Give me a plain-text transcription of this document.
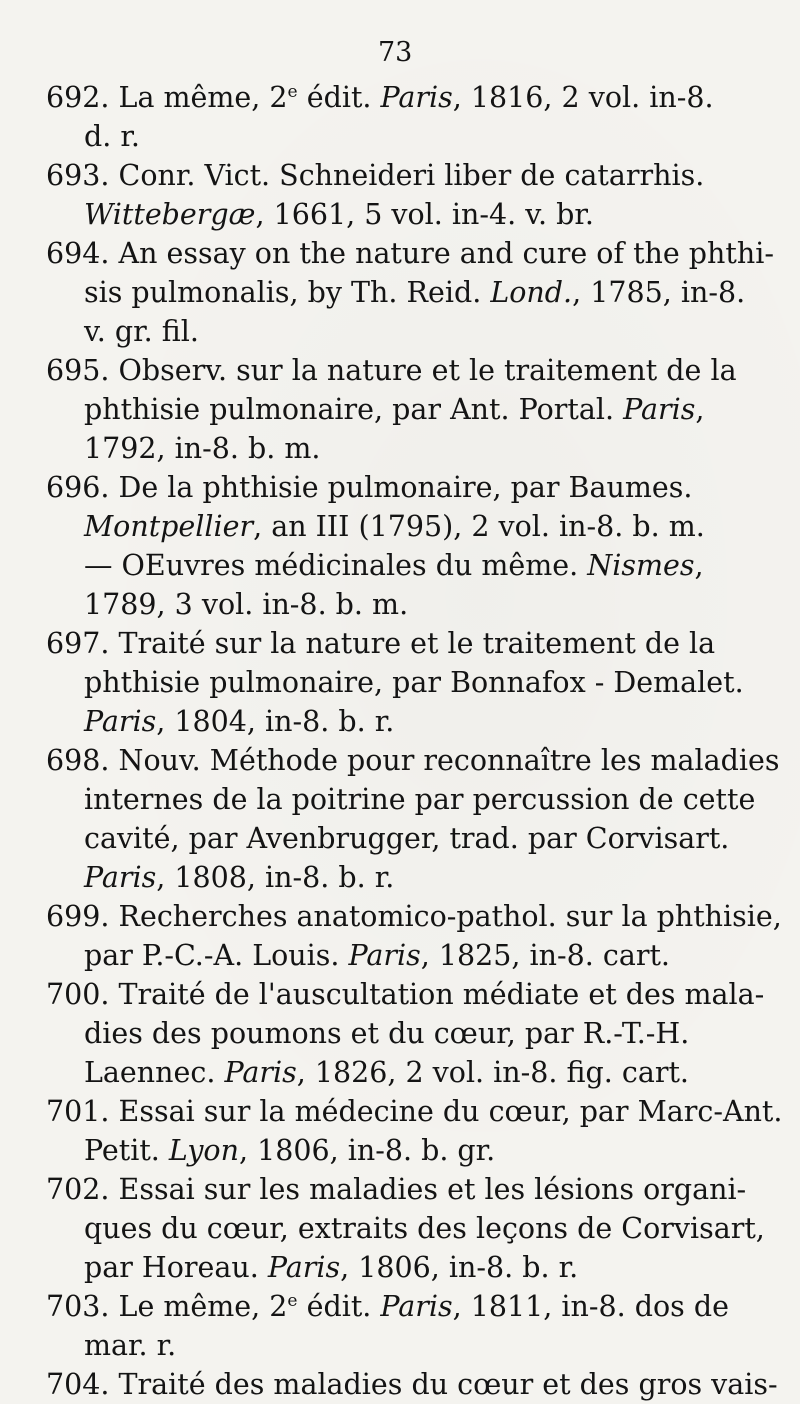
73
692. La même, 2e édit. Paris, 1816, 2 vol. in-8.
d. r.
693. Conr. Vict. Schneideri liber de catarrhis.
Wittebergæ, 1661, 5 vol. in-4. v. br.
694. An essay on the nature and cure of the phthi-
sis pulmonalis, by Th. Reid. Lond., 1785, in-8.
v. gr. fil.
695. Observ. sur la nature et le traitement de la
phthisie pulmonaire, par Ant. Portal. Paris,
1792, in-8. b. m.
696. De la phthisie pulmonaire, par Baumes.
Montpellier, an III (1795), 2 vol. in-8. b. m.
— OEuvres médicinales du même. Nismes,
1789, 3 vol. in-8. b. m.
697. Traité sur la nature et le traitement de la
phthisie pulmonaire, par Bonnafox - Demalet.
Paris, 1804, in-8. b. r.
698. Nouv. Méthode pour reconnaître les maladies
internes de la poitrine par percussion de cette
cavité, par Avenbrugger, trad. par Corvisart.
Paris, 1808, in-8. b. r.
699. Recherches anatomico-pathol. sur la phthisie,
par P.-C.-A. Louis. Paris, 1825, in-8. cart.
700. Traité de l'auscultation médiate et des mala-
dies des poumons et du cœur, par R.-T.-H.
Laennec. Paris, 1826, 2 vol. in-8. fig. cart.
701. Essai sur la médecine du cœur, par Marc-Ant.
Petit. Lyon, 1806, in-8. b. gr.
702. Essai sur les maladies et les lésions organi-
ques du cœur, extraits des leçons de Corvisart,
par Horeau. Paris, 1806, in-8. b. r.
703. Le même, 2e édit. Paris, 1811, in-8. dos de
mar. r.
704. Traité des maladies du cœur et des gros vais-
